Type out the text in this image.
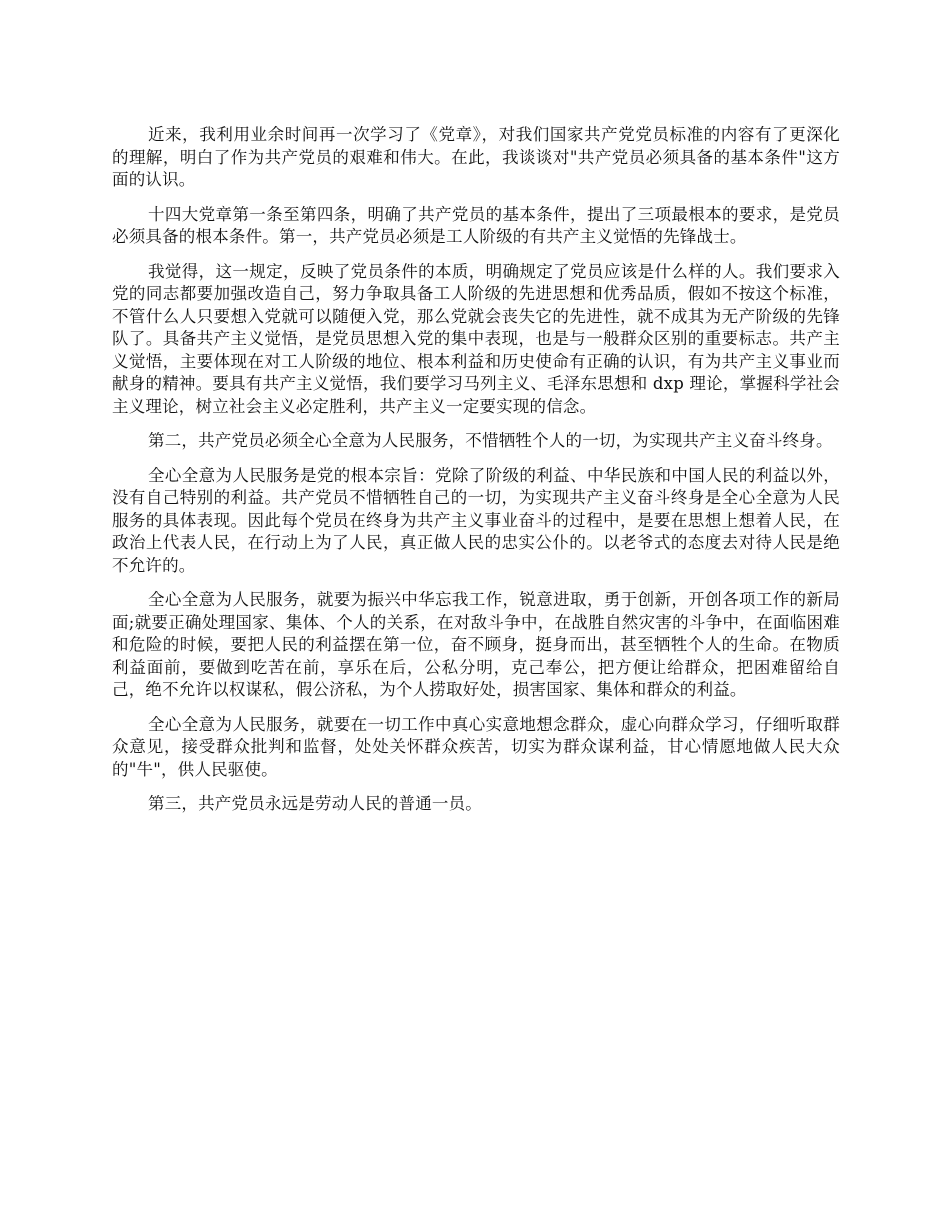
近来，我利用业余时间再一次学习了《党章》，对我们国家共产党党员标准的内容有了更深化的理解，明白了作为共产党员的艰难和伟大。在此，我谈谈对"共产党员必须具备的基本条件"这方面的认识。

十四大党章第一条至第四条，明确了共产党员的基本条件，提出了三项最根本的要求，是党员必须具备的根本条件。第一，共产党员必须是工人阶级的有共产主义觉悟的先锋战士。

我觉得，这一规定，反映了党员条件的本质，明确规定了党员应该是什么样的人。我们要求入党的同志都要加强改造自己，努力争取具备工人阶级的先进思想和优秀品质，假如不按这个标准，不管什么人只要想入党就可以随便入党，那么党就会丧失它的先进性，就不成其为无产阶级的先锋队了。具备共产主义觉悟，是党员思想入党的集中表现，也是与一般群众区别的重要标志。共产主义觉悟，主要体现在对工人阶级的地位、根本利益和历史使命有正确的认识，有为共产主义事业而献身的精神。要具有共产主义觉悟，我们要学习马列主义、毛泽东思想和 dxp 理论，掌握科学社会主义理论，树立社会主义必定胜利，共产主义一定要实现的信念。

第二，共产党员必须全心全意为人民服务，不惜牺牲个人的一切，为实现共产主义奋斗终身。

全心全意为人民服务是党的根本宗旨：党除了阶级的利益、中华民族和中国人民的利益以外，没有自己特别的利益。共产党员不惜牺牲自己的一切，为实现共产主义奋斗终身是全心全意为人民服务的具体表现。因此每个党员在终身为共产主义事业奋斗的过程中，是要在思想上想着人民，在政治上代表人民，在行动上为了人民，真正做人民的忠实公仆的。以老爷式的态度去对待人民是绝不允许的。

全心全意为人民服务，就要为振兴中华忘我工作，锐意进取，勇于创新，开创各项工作的新局面;就要正确处理国家、集体、个人的关系，在对敌斗争中，在战胜自然灾害的斗争中，在面临困难和危险的时候，要把人民的利益摆在第一位，奋不顾身，挺身而出，甚至牺牲个人的生命。在物质利益面前，要做到吃苦在前，享乐在后，公私分明，克己奉公，把方便让给群众，把困难留给自己，绝不允许以权谋私，假公济私，为个人捞取好处，损害国家、集体和群众的利益。

全心全意为人民服务，就要在一切工作中真心实意地想念群众，虚心向群众学习，仔细听取群众意见，接受群众批判和监督，处处关怀群众疾苦，切实为群众谋利益，甘心情愿地做人民大众的"牛"，供人民驱使。

第三，共产党员永远是劳动人民的普通一员。
